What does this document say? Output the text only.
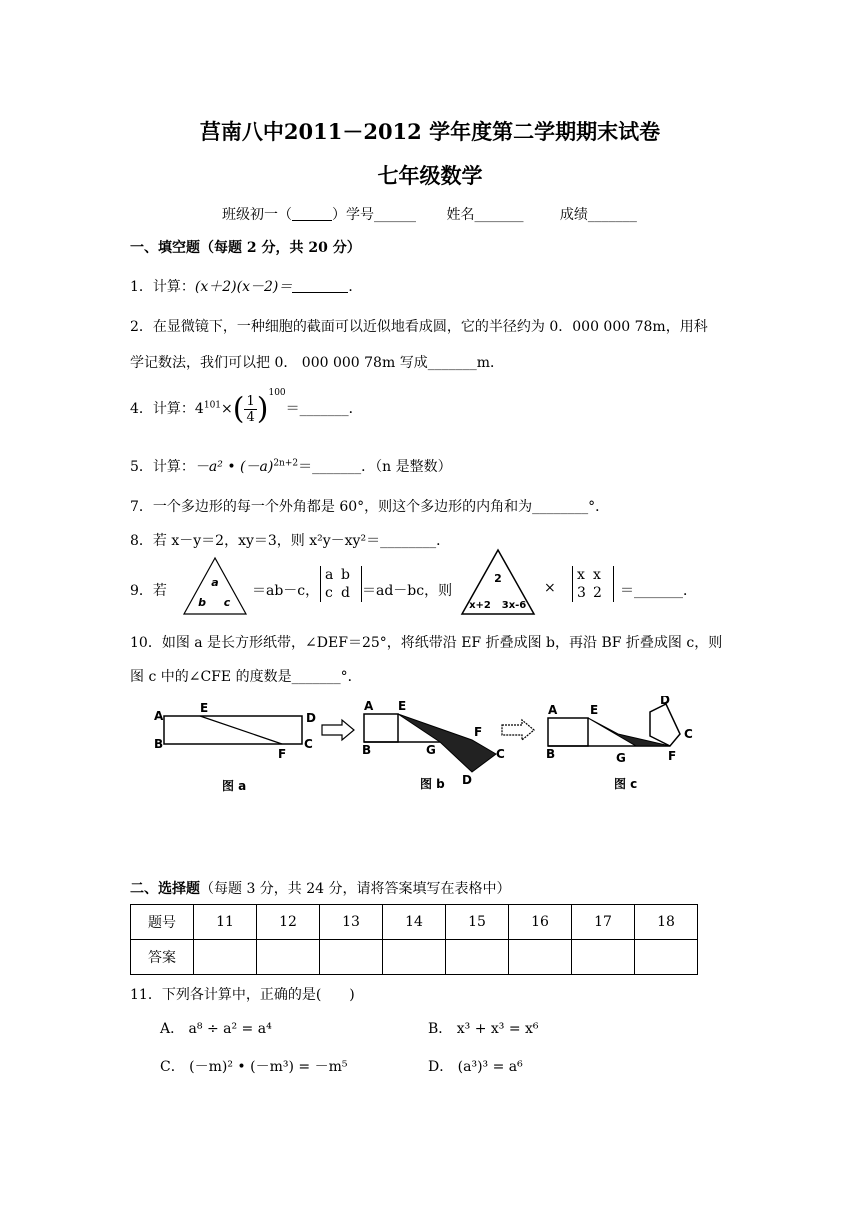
莒南八中2011－2012 学年度第二学期期末试卷
七年级数学
班级初一（	）学号______ 姓名_______	成绩_______
一、填空题（每题 2 分，共 20 分）
1．计算：(x＋2)(x－2)＝	．
2．在显微镜下，一种细胞的截面可以近似地看成圆，它的半径约为 0．000 000 78m，用科
学记数法，我们可以把 0． 000 000 78m 写成_______m．
4．计算：$4^{101}\times( \frac{1}{4}$ )$^{100}=\_\_\_\_\_\_\_$．
5．计算：－a² • $(-a)^{2n+2}=\_\_\_\_\_\_\_$．（n 是整数）
7．一个多边形的每一个外角都是 60°，则这个多边形的内角和为________°．
8．若 x－y＝2，xy＝3，则 x²y－xy²＝________．
9．若
a
b c
＝ab－c，
a b
c d ＝ad－bc，则
2
x+2 3x-6
×
x x
3 2	＝_______．
10．如图 a 是长方形纸带，∠DEF＝25°，将纸带沿 EF 折叠成图 b，再沿 BF 折叠成图 c，则
图 c 中的∠CFE 的度数是_______°．
A
B
E
D
C
F
图 a
A
B
E
F
G	C
D
图 b
A
B
E
G	F
C
D
图 c
二、选择题（每题 3 分，共 24 分，请将答案填写在表格中）
题号	11	12	13	14	15	16	17	18
答案								
11．下列各计算中，正确的是(　　)
A． a⁸ ÷ a² = a⁴	B． x³ + x³ = x⁶
C． (－m)² • (－m³) = －m⁵	D． (a³)³ = a⁶
